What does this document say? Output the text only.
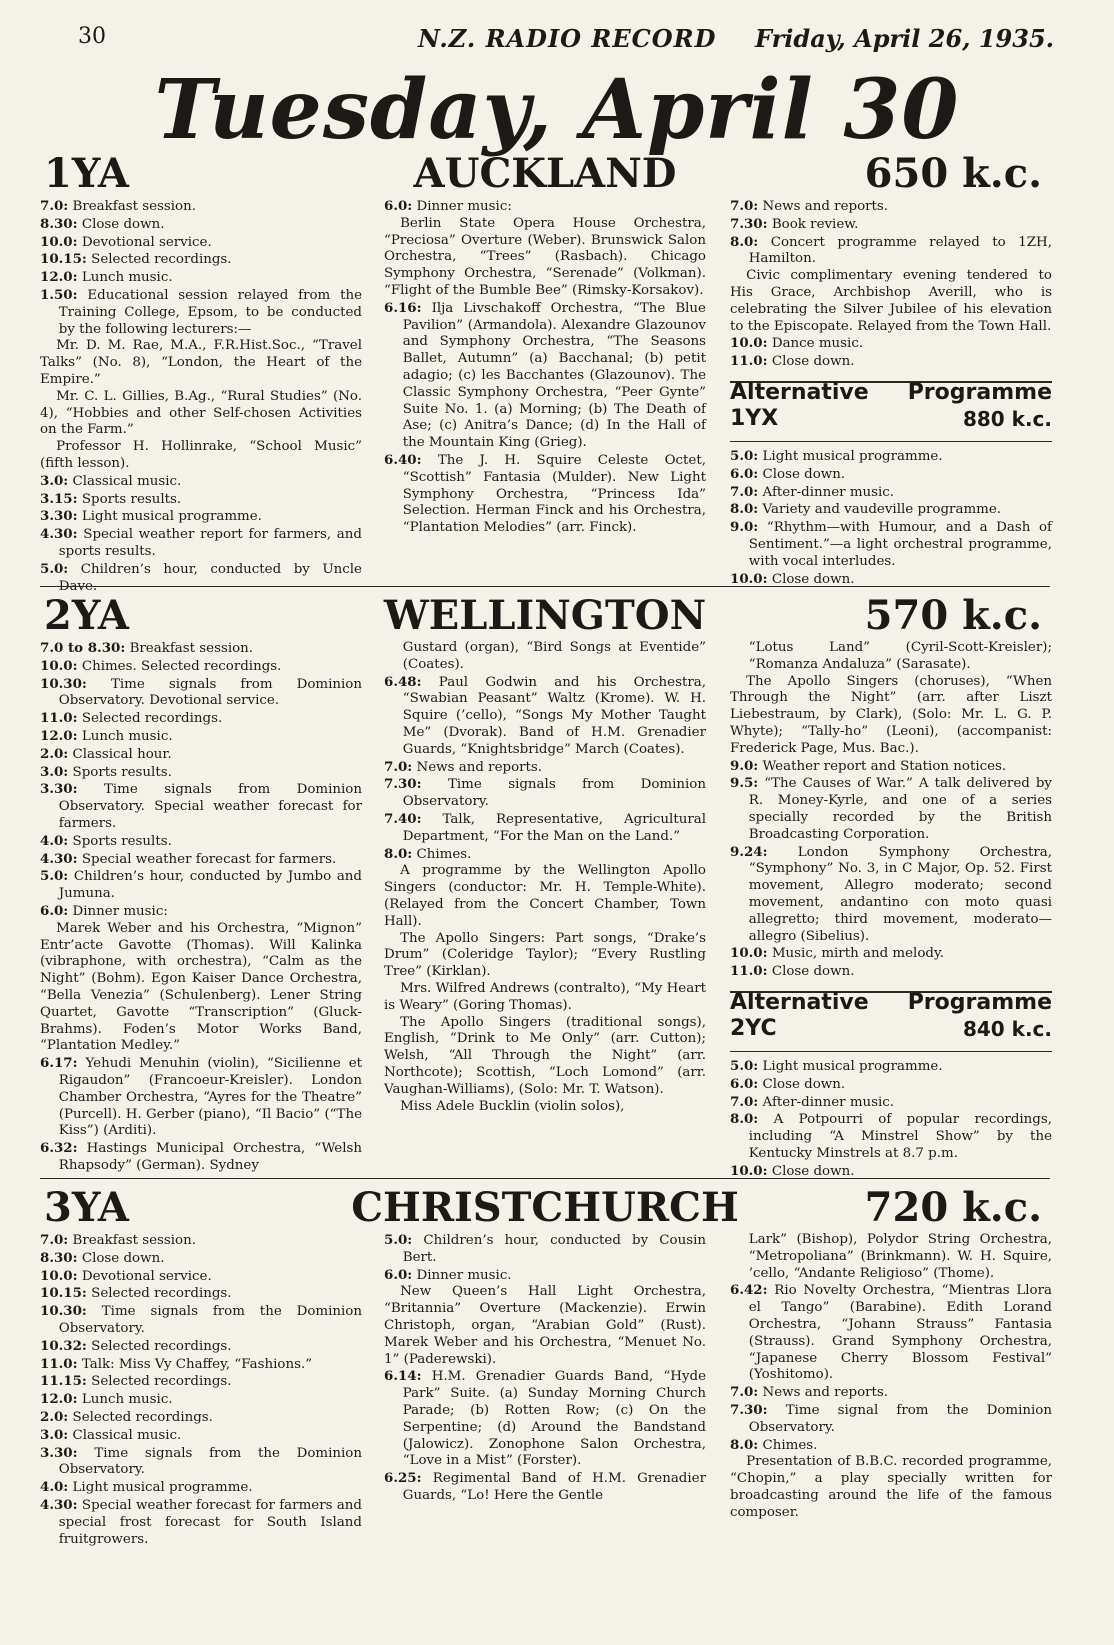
30	N.Z. RADIO RECORD Friday, April 26, 1935.
Tuesday, April 30
1YA	AUCKLAND	650 k.c.

7.0: Breakfast session.

8.30: Close down.

10.0: Devotional service.

10.15: Selected recordings.

12.0: Lunch music.

1.50: Educational session relayed from the Training College, Epsom, to be conducted by the following lecturers:—

Mr. D. M. Rae, M.A., F.R.Hist.Soc., “Travel Talks” (No. 8), “London, the Heart of the Empire.”

Mr. C. L. Gillies, B.Ag., “Rural Studies” (No. 4), “Hobbies and other Self-chosen Activities on the Farm.”

Professor H. Hollinrake, “School Music” (fifth lesson).

3.0: Classical music.

3.15: Sports results.

3.30: Light musical programme.

4.30: Special weather report for farmers, and sports results.

5.0: Children’s hour, conducted by Uncle Dave.

6.0: Dinner music:

Berlin State Opera House Orchestra, “Preciosa” Overture (Weber). Brunswick Salon Orchestra, “Trees” (Rasbach). Chicago Symphony Orchestra, “Serenade” (Volkman). “Flight of the Bumble Bee” (Rimsky-Korsakov).

6.16: Ilja Livschakoff Orchestra, “The Blue Pavilion” (Armandola). Alexandre Glazounov and Symphony Orchestra, “The Seasons Ballet, Autumn” (a) Bacchanal; (b) petit adagio; (c) les Bacchantes (Glazounov). The Classic Symphony Orchestra, “Peer Gynte” Suite No. 1. (a) Morning; (b) The Death of Ase; (c) Anitra’s Dance; (d) In the Hall of the Mountain King (Grieg).

6.40: The J. H. Squire Celeste Octet, “Scottish” Fantasia (Mulder). New Light Symphony Orchestra, “Princess Ida” Selection. Herman Finck and his Orchestra, “Plantation Melodies” (arr. Finck).

7.0: News and reports.

7.30: Book review.

8.0: Concert programme relayed to 1ZH, Hamilton.

Civic complimentary evening tendered to His Grace, Archbishop Averill, who is celebrating the Silver Jubilee of his elevation to the Episcopate. Relayed from the Town Hall.

10.0: Dance music.

11.0: Close down.

Alternative Programme
1YX	880 k.c.

5.0: Light musical programme.

6.0: Close down.

7.0: After-dinner music.

8.0: Variety and vaudeville programme.

9.0: “Rhythm—with Humour, and a Dash of Sentiment.”—a light orchestral programme, with vocal interludes.

10.0: Close down.

2YA	WELLINGTON	570 k.c.

7.0 to 8.30: Breakfast session.

10.0: Chimes. Selected recordings.

10.30: Time signals from Dominion Observatory. Devotional service.

11.0: Selected recordings.

12.0: Lunch music.

2.0: Classical hour.

3.0: Sports results.

3.30: Time signals from Dominion Observatory. Special weather forecast for farmers.

4.0: Sports results.

4.30: Special weather forecast for farmers.

5.0: Children’s hour, conducted by Jumbo and Jumuna.

6.0: Dinner music:

Marek Weber and his Orchestra, “Mignon” Entr’acte Gavotte (Thomas). Will Kalinka (vibraphone, with orchestra), “Calm as the Night” (Bohm). Egon Kaiser Dance Orchestra, “Bella Venezia” (Schulenberg). Lener String Quartet, Gavotte “Transcription” (Gluck-Brahms). Foden’s Motor Works Band, “Plantation Medley.”

6.17: Yehudi Menuhin (violin), “Sicilienne et Rigaudon” (Francoeur-Kreisler). London Chamber Orchestra, “Ayres for the Theatre” (Purcell). H. Gerber (piano), “Il Bacio” (“The Kiss”) (Arditi).

6.32: Hastings Municipal Orchestra, “Welsh Rhapsody” (German). Sydney

Gustard (organ), “Bird Songs at Eventide” (Coates).

6.48: Paul Godwin and his Orchestra, “Swabian Peasant” Waltz (Krome). W. H. Squire (’cello), “Songs My Mother Taught Me” (Dvorak). Band of H.M. Grenadier Guards, “Knightsbridge” March (Coates).

7.0: News and reports.

7.30: Time signals from Dominion Observatory.

7.40: Talk, Representative, Agricultural Department, “For the Man on the Land.”

8.0: Chimes.

A programme by the Wellington Apollo Singers (conductor: Mr. H. Temple-White). (Relayed from the Concert Chamber, Town Hall).

The Apollo Singers: Part songs, “Drake’s Drum” (Coleridge Taylor); “Every Rustling Tree” (Kirklan).

Mrs. Wilfred Andrews (contralto), “My Heart is Weary” (Goring Thomas).

The Apollo Singers (traditional songs), English, “Drink to Me Only” (arr. Cutton); Welsh, “All Through the Night” (arr. Northcote); Scottish, “Loch Lomond” (arr. Vaughan-Williams), (Solo: Mr. T. Watson).

Miss Adele Bucklin (violin solos),

“Lotus Land” (Cyril-Scott-Kreisler); “Romanza Andaluza” (Sarasate).

The Apollo Singers (choruses), “When Through the Night” (arr. after Liszt Liebestraum, by Clark), (Solo: Mr. L. G. P. Whyte); “Tally-ho” (Leoni), (accompanist: Frederick Page, Mus. Bac.).

9.0: Weather report and Station notices.

9.5: “The Causes of War.” A talk delivered by R. Money-Kyrle, and one of a series specially recorded by the British Broadcasting Corporation.

9.24: London Symphony Orchestra, “Symphony” No. 3, in C Major, Op. 52. First movement, Allegro moderato; second movement, andantino con moto quasi allegretto; third movement, moderato—allegro (Sibelius).

10.0: Music, mirth and melody.

11.0: Close down.

Alternative Programme
2YC	840 k.c.

5.0: Light musical programme.

6.0: Close down.

7.0: After-dinner music.

8.0: A Potpourri of popular recordings, including “A Minstrel Show” by the Kentucky Minstrels at 8.7 p.m.

10.0: Close down.

3YA	CHRISTCHURCH	720 k.c.

7.0: Breakfast session.

8.30: Close down.

10.0: Devotional service.

10.15: Selected recordings.

10.30: Time signals from the Dominion Observatory.

10.32: Selected recordings.

11.0: Talk: Miss Vy Chaffey, “Fashions.”

11.15: Selected recordings.

12.0: Lunch music.

2.0: Selected recordings.

3.0: Classical music.

3.30: Time signals from the Dominion Observatory.

4.0: Light musical programme.

4.30: Special weather forecast for farmers and special frost forecast for South Island fruitgrowers.

5.0: Children’s hour, conducted by Cousin Bert.

6.0: Dinner music.

New Queen’s Hall Light Orchestra, “Britannia” Overture (Mackenzie). Erwin Christoph, organ, “Arabian Gold” (Rust). Marek Weber and his Orchestra, “Menuet No. 1” (Paderewski).

6.14: H.M. Grenadier Guards Band, “Hyde Park” Suite. (a) Sunday Morning Church Parade; (b) Rotten Row; (c) On the Serpentine; (d) Around the Bandstand (Jalowicz). Zonophone Salon Orchestra, “Love in a Mist” (Forster).

6.25: Regimental Band of H.M. Grenadier Guards, “Lo! Here the Gentle

Lark” (Bishop), Polydor String Orchestra, “Metropoliana” (Brinkmann). W. H. Squire, ’cello, “Andante Religioso” (Thome).

6.42: Rio Novelty Orchestra, “Mientras Llora el Tango” (Barabine). Edith Lorand Orchestra, “Johann Strauss” Fantasia (Strauss). Grand Symphony Orchestra, “Japanese Cherry Blossom Festival” (Yoshitomo).

7.0: News and reports.

7.30: Time signal from the Dominion Observatory.

8.0: Chimes.

Presentation of B.B.C. recorded programme, “Chopin,” a play specially written for broadcasting around the life of the famous composer.
